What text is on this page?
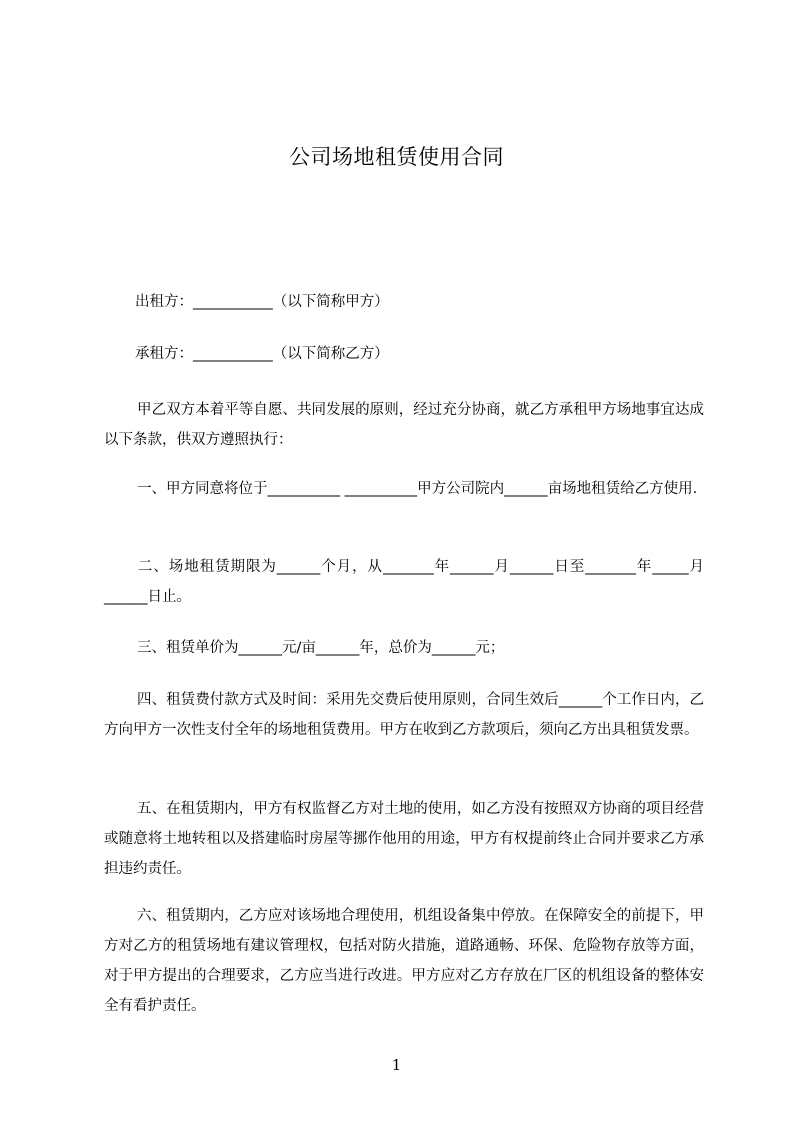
公司场地租赁使用合同
出租方：___________（以下简称甲方）
承租方：___________（以下简称乙方）
甲乙双方本着平等自愿、共同发展的原则，经过充分协商，就乙方承租甲方场地事宜达成以下条款，供双方遵照执行：
一、甲方同意将位于__________ __________甲方公司院内______亩场地租赁给乙方使用.
二、场地租赁期限为______个月，从_______年______月______日至_______年_____月______日止。
三、租赁单价为______元/亩______年，总价为______元；
四、租赁费付款方式及时间：采用先交费后使用原则，合同生效后______个工作日内，乙方向甲方一次性支付全年的场地租赁费用。甲方在收到乙方款项后，须向乙方出具租赁发票。
五、在租赁期内，甲方有权监督乙方对土地的使用，如乙方没有按照双方协商的项目经营或随意将土地转租以及搭建临时房屋等挪作他用的用途，甲方有权提前终止合同并要求乙方承担违约责任。
六、租赁期内，乙方应对该场地合理使用，机组设备集中停放。在保障安全的前提下，甲方对乙方的租赁场地有建议管理权，包括对防火措施，道路通畅、环保、危险物存放等方面，对于甲方提出的合理要求，乙方应当进行改进。甲方应对乙方存放在厂区的机组设备的整体安全有看护责任。
1
